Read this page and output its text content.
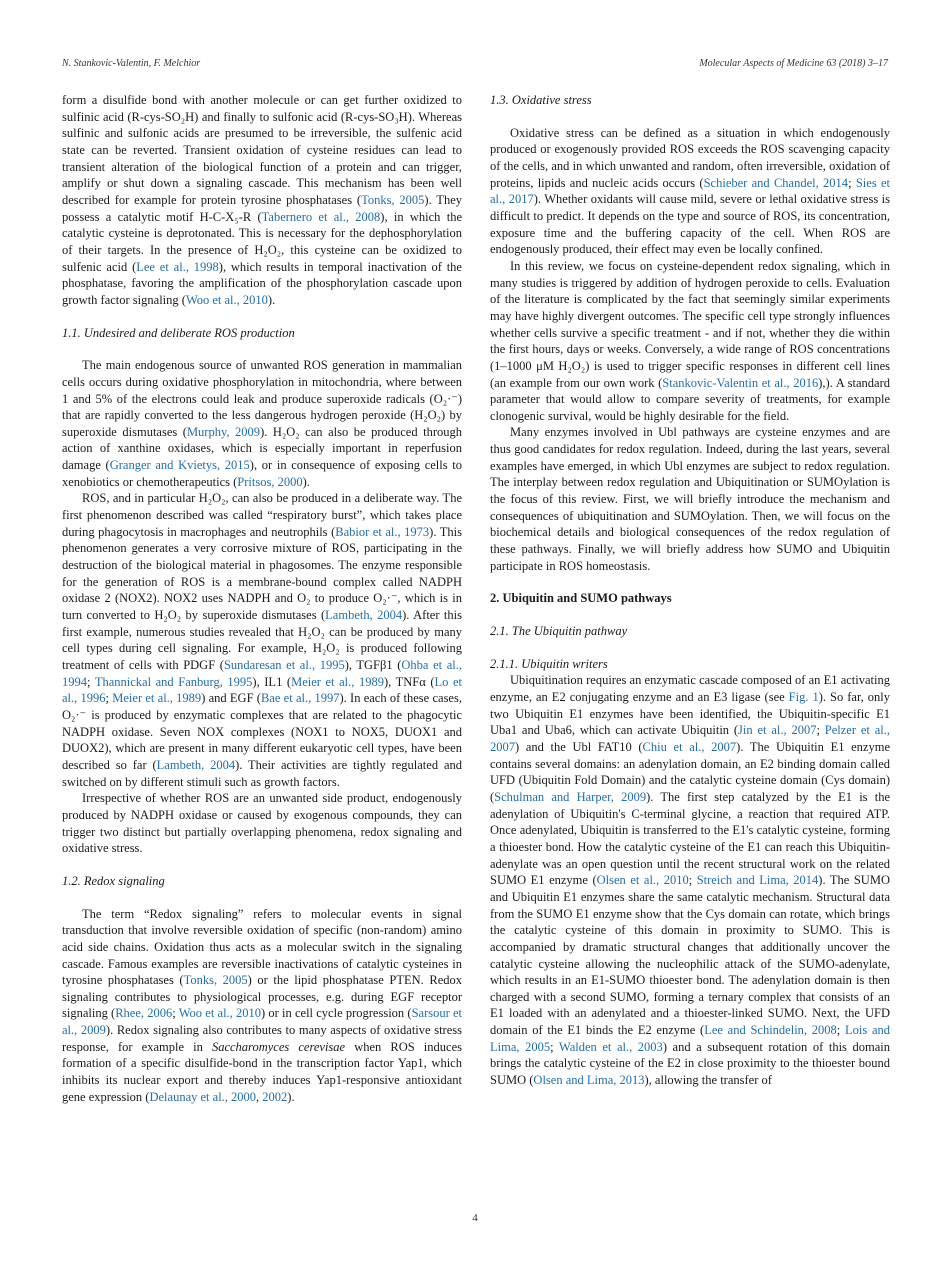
N. Stankovic-Valentin, F. Melchior	Molecular Aspects of Medicine 63 (2018) 3–17

form a disulfide bond with another molecule or can get further oxidized to sulfinic acid (R-cys-SO₂H) and finally to sulfonic acid (R-cys-SO₃H). Whereas sulfinic and sulfonic acids are presumed to be irreversible, the sulfenic acid state can be reverted. Transient oxidation of cysteine residues can lead to transient alteration of the biological function of a protein and can trigger, amplify or shut down a signaling cascade. This mechanism has been well described for example for protein tyrosine phosphatases (Tonks, 2005). They possess a catalytic motif H-C-X₅-R (Tabernero et al., 2008), in which the catalytic cysteine is deprotonated. This is necessary for the dephosphorylation of their targets. In the presence of H₂O₂, this cysteine can be oxidized to sulfenic acid (Lee et al., 1998), which results in temporal inactivation of the phosphatase, favoring the amplification of the phosphorylation cascade upon growth factor signaling (Woo et al., 2010).

1.1. Undesired and deliberate ROS production

The main endogenous source of unwanted ROS generation in mammalian cells occurs during oxidative phosphorylation in mitochondria, where between 1 and 5% of the electrons could leak and produce superoxide radicals (O₂·⁻) that are rapidly converted to the less dangerous hydrogen peroxide (H₂O₂) by superoxide dismutases (Murphy, 2009). H₂O₂ can also be produced through action of xanthine oxidases, which is especially important in reperfusion damage (Granger and Kvietys, 2015), or in consequence of exposing cells to xenobiotics or chemotherapeutics (Pritsos, 2000).

ROS, and in particular H₂O₂, can also be produced in a deliberate way. The first phenomenon described was called “respiratory burst”, which takes place during phagocytosis in macrophages and neutrophils (Babior et al., 1973). This phenomenon generates a very corrosive mixture of ROS, participating in the destruction of the biological material in phagosomes. The enzyme responsible for the generation of ROS is a membrane-bound complex called NADPH oxidase 2 (NOX2). NOX2 uses NADPH and O₂ to produce O₂·⁻, which is in turn converted to H₂O₂ by superoxide dismutases (Lambeth, 2004). After this first example, numerous studies revealed that H₂O₂ can be produced by many cell types during cell signaling. For example, H₂O₂ is produced following treatment of cells with PDGF (Sundaresan et al., 1995), TGFβ1 (Ohba et al., 1994; Thannickal and Fanburg, 1995), IL1 (Meier et al., 1989), TNFα (Lo et al., 1996; Meier et al., 1989) and EGF (Bae et al., 1997). In each of these cases, O₂·⁻ is produced by enzymatic complexes that are related to the phagocytic NADPH oxidase. Seven NOX complexes (NOX1 to NOX5, DUOX1 and DUOX2), which are present in many different eukaryotic cell types, have been described so far (Lambeth, 2004). Their activities are tightly regulated and switched on by different stimuli such as growth factors.

Irrespective of whether ROS are an unwanted side product, endogenously produced by NADPH oxidase or caused by exogenous compounds, they can trigger two distinct but partially overlapping phenomena, redox signaling and oxidative stress.

1.2. Redox signaling

The term “Redox signaling” refers to molecular events in signal transduction that involve reversible oxidation of specific (non-random) amino acid side chains. Oxidation thus acts as a molecular switch in the signaling cascade. Famous examples are reversible inactivations of catalytic cysteines in tyrosine phosphatases (Tonks, 2005) or the lipid phosphatase PTEN. Redox signaling contributes to physiological processes, e.g. during EGF receptor signaling (Rhee, 2006; Woo et al., 2010) or in cell cycle progression (Sarsour et al., 2009). Redox signaling also contributes to many aspects of oxidative stress response, for example in Saccharomyces cerevisae when ROS induces formation of a specific disulfide-bond in the transcription factor Yap1, which inhibits its nuclear export and thereby induces Yap1-responsive antioxidant gene expression (Delaunay et al., 2000, 2002).

1.3. Oxidative stress

Oxidative stress can be defined as a situation in which endogenously produced or exogenously provided ROS exceeds the ROS scavenging capacity of the cells, and in which unwanted and random, often irreversible, oxidation of proteins, lipids and nucleic acids occurs (Schieber and Chandel, 2014; Sies et al., 2017). Whether oxidants will cause mild, severe or lethal oxidative stress is difficult to predict. It depends on the type and source of ROS, its concentration, exposure time and the buffering capacity of the cell. When ROS are endogenously produced, their effect may even be locally confined.

In this review, we focus on cysteine-dependent redox signaling, which in many studies is triggered by addition of hydrogen peroxide to cells. Evaluation of the literature is complicated by the fact that seemingly similar experiments may have highly divergent outcomes. The specific cell type strongly influences whether cells survive a specific treatment - and if not, whether they die within the first hours, days or weeks. Conversely, a wide range of ROS concentrations (1–1000 μM H₂O₂) is used to trigger specific responses in different cell lines (an example from our own work (Stankovic-Valentin et al., 2016),). A standard parameter that would allow to compare severity of treatments, for example clonogenic survival, would be highly desirable for the field.

Many enzymes involved in Ubl pathways are cysteine enzymes and are thus good candidates for redox regulation. Indeed, during the last years, several examples have emerged, in which Ubl enzymes are subject to redox regulation. The interplay between redox regulation and Ubiquitination or SUMOylation is the focus of this review. First, we will briefly introduce the mechanism and consequences of ubiquitination and SUMOylation. Then, we will focus on the biochemical details and biological consequences of the redox regulation of these pathways. Finally, we will briefly address how SUMO and Ubiquitin participate in ROS homeostasis.

2. Ubiquitin and SUMO pathways
2.1. The Ubiquitin pathway
2.1.1. Ubiquitin writers

Ubiquitination requires an enzymatic cascade composed of an E1 activating enzyme, an E2 conjugating enzyme and an E3 ligase (see Fig. 1). So far, only two Ubiquitin E1 enzymes have been identified, the Ubiquitin-specific E1 Uba1 and Uba6, which can activate Ubiquitin (Jin et al., 2007; Pelzer et al., 2007) and the Ubl FAT10 (Chiu et al., 2007). The Ubiquitin E1 enzyme contains several domains: an adenylation domain, an E2 binding domain called UFD (Ubiquitin Fold Domain) and the catalytic cysteine domain (Cys domain) (Schulman and Harper, 2009). The first step catalyzed by the E1 is the adenylation of Ubiquitin's C-terminal glycine, a reaction that required ATP. Once adenylated, Ubiquitin is transferred to the E1's catalytic cysteine, forming a thioester bond. How the catalytic cysteine of the E1 can reach this Ubiquitin-adenylate was an open question until the recent structural work on the related SUMO E1 enzyme (Olsen et al., 2010; Streich and Lima, 2014). The SUMO and Ubiquitin E1 enzymes share the same catalytic mechanism. Structural data from the SUMO E1 enzyme show that the Cys domain can rotate, which brings the catalytic cysteine of this domain in proximity to SUMO. This is accompanied by dramatic structural changes that additionally uncover the catalytic cysteine allowing the nucleophilic attack of the SUMO-adenylate, which results in an E1-SUMO thioester bond. The adenylation domain is then charged with a second SUMO, forming a ternary complex that consists of an E1 loaded with an adenylated and a thioester-linked SUMO. Next, the UFD domain of the E1 binds the E2 enzyme (Lee and Schindelin, 2008; Lois and Lima, 2005; Walden et al., 2003) and a subsequent rotation of this domain brings the catalytic cysteine of the E2 in close proximity to the thioester bound SUMO (Olsen and Lima, 2013), allowing the transfer of

4
